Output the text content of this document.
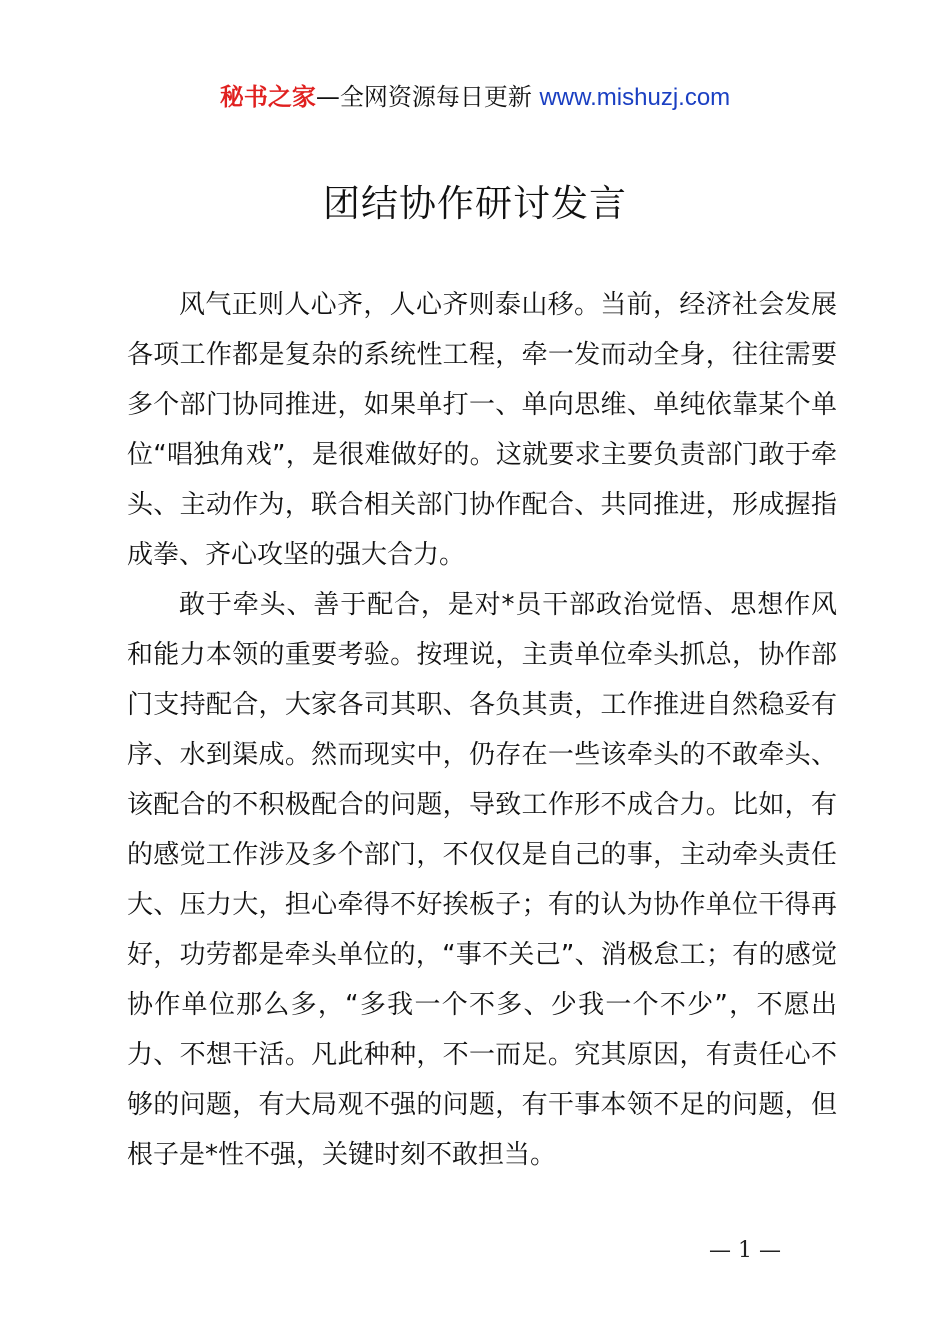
秘书之家—全网资源每日更新 www.mishuzj.com
团结协作研讨发言

风气正则人心齐，人心齐则泰山移。当前，经济社会发展各项工作都是复杂的系统性工程，牵一发而动全身，往往需要多个部门协同推进，如果单打一、单向思维、单纯依靠某个单位“唱独角戏”，是很难做好的。这就要求主要负责部门敢于牵头、主动作为，联合相关部门协作配合、共同推进，形成握指成拳、齐心攻坚的强大合力。

敢于牵头、善于配合，是对*员干部政治觉悟、思想作风和能力本领的重要考验。按理说，主责单位牵头抓总，协作部门支持配合，大家各司其职、各负其责，工作推进自然稳妥有序、水到渠成。然而现实中，仍存在一些该牵头的不敢牵头、该配合的不积极配合的问题，导致工作形不成合力。比如，有的感觉工作涉及多个部门，不仅仅是自己的事，主动牵头责任大、压力大，担心牵得不好挨板子；有的认为协作单位干得再好，功劳都是牵头单位的，“事不关己”、消极怠工；有的感觉协作单位那么多，“多我一个不多、少我一个不少”，不愿出力、不想干活。凡此种种，不一而足。究其原因，有责任心不够的问题，有大局观不强的问题，有干事本领不足的问题，但根子是*性不强，关键时刻不敢担当。

— 1 —
